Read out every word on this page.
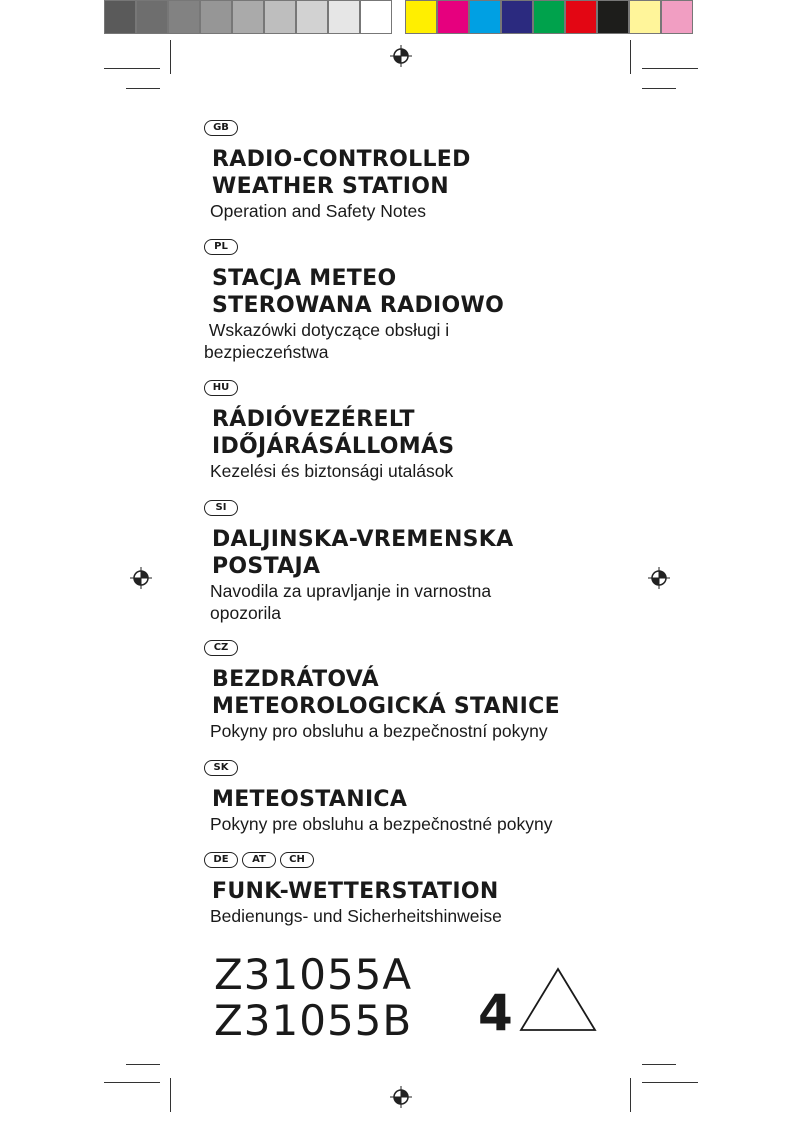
GB
RADIO-CONTROLLED
WEATHER STATION
Operation and Safety Notes
PL
STACJA METEO
STEROWANA RADIOWO
Wskazówki dotyczące obsługi i
bezpieczeństwa
HU
RÁDIÓVEZÉRELT
IDŐJÁRÁSÁLLOMÁS
Kezelési és biztonsági utalások
SI
DALJINSKA-VREMENSKA
POSTAJA
Navodila za upravljanje in varnostna
opozorila
CZ
BEZDRÁTOVÁ
METEOROLOGICKÁ STANICE
Pokyny pro obsluhu a bezpečnostní pokyny
SK
METEOSTANICA
Pokyny pre obsluhu a bezpečnostné pokyny
DE	AT	CH
FUNK-WETTERSTATION
Bedienungs- und Sicherheitshinweise
Z31055A
Z31055B 4
